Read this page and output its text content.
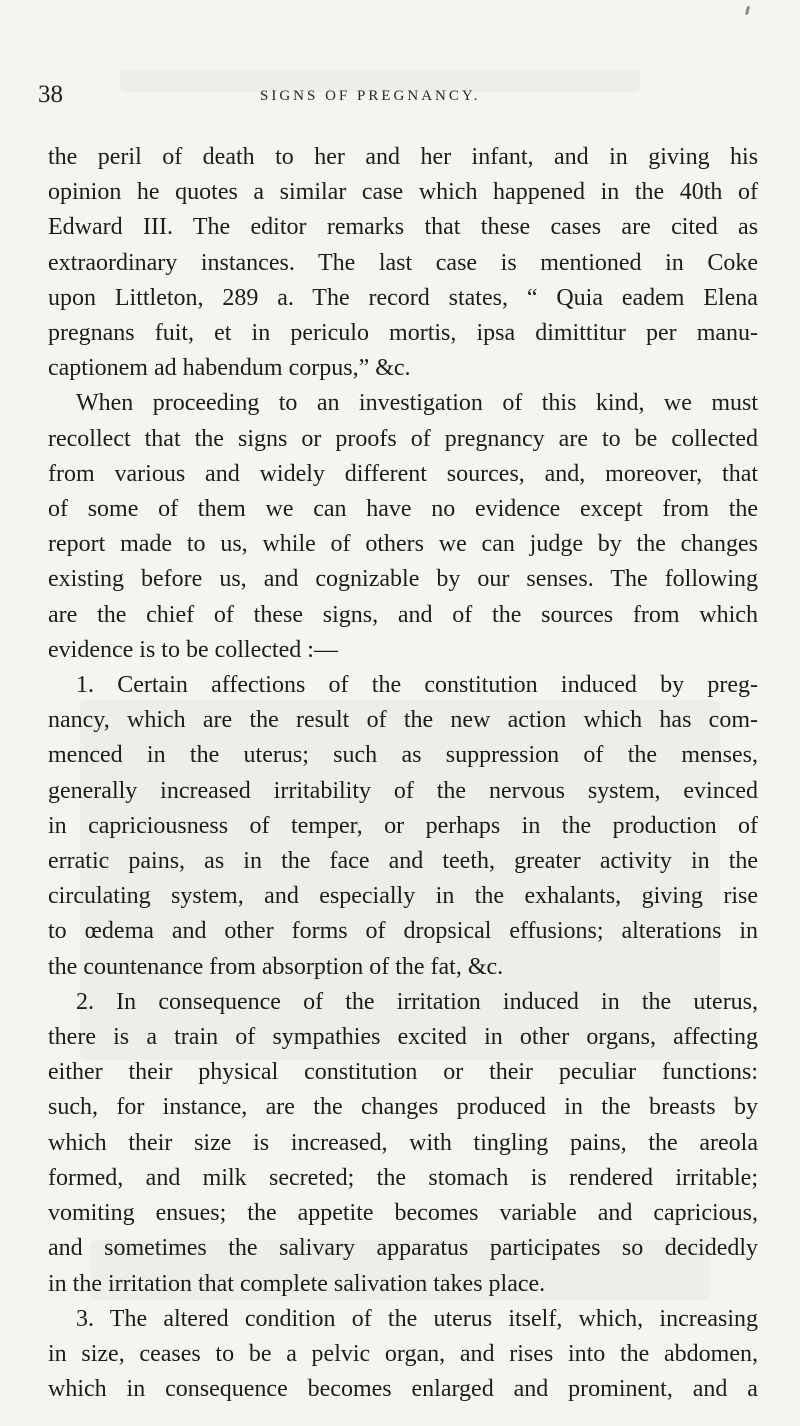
38	SIGNS OF PREGNANCY.

the peril of death to her and her infant, and in giving his
opinion he quotes a similar case which happened in the 40th of
Edward III. The editor remarks that these cases are cited as
extraordinary instances. The last case is mentioned in Coke
upon Littleton, 289 a. The record states, “ Quia eadem Elena
pregnans fuit, et in periculo mortis, ipsa dimittitur per manu-
captionem ad habendum corpus,” &c.

When proceeding to an investigation of this kind, we must
recollect that the signs or proofs of pregnancy are to be collected
from various and widely different sources, and, moreover, that
of some of them we can have no evidence except from the
report made to us, while of others we can judge by the changes
existing before us, and cognizable by our senses. The following
are the chief of these signs, and of the sources from which
evidence is to be collected :—

1. Certain affections of the constitution induced by preg-
nancy, which are the result of the new action which has com-
menced in the uterus; such as suppression of the menses,
generally increased irritability of the nervous system, evinced
in capriciousness of temper, or perhaps in the production of
erratic pains, as in the face and teeth, greater activity in the
circulating system, and especially in the exhalants, giving rise
to œdema and other forms of dropsical effusions; alterations in
the countenance from absorption of the fat, &c.

2. In consequence of the irritation induced in the uterus,
there is a train of sympathies excited in other organs, affecting
either their physical constitution or their peculiar functions:
such, for instance, are the changes produced in the breasts by
which their size is increased, with tingling pains, the areola
formed, and milk secreted; the stomach is rendered irritable;
vomiting ensues; the appetite becomes variable and capricious,
and sometimes the salivary apparatus participates so decidedly
in the irritation that complete salivation takes place.

3. The altered condition of the uterus itself, which, increasing
in size, ceases to be a pelvic organ, and rises into the abdomen,
which in consequence becomes enlarged and prominent, and a
